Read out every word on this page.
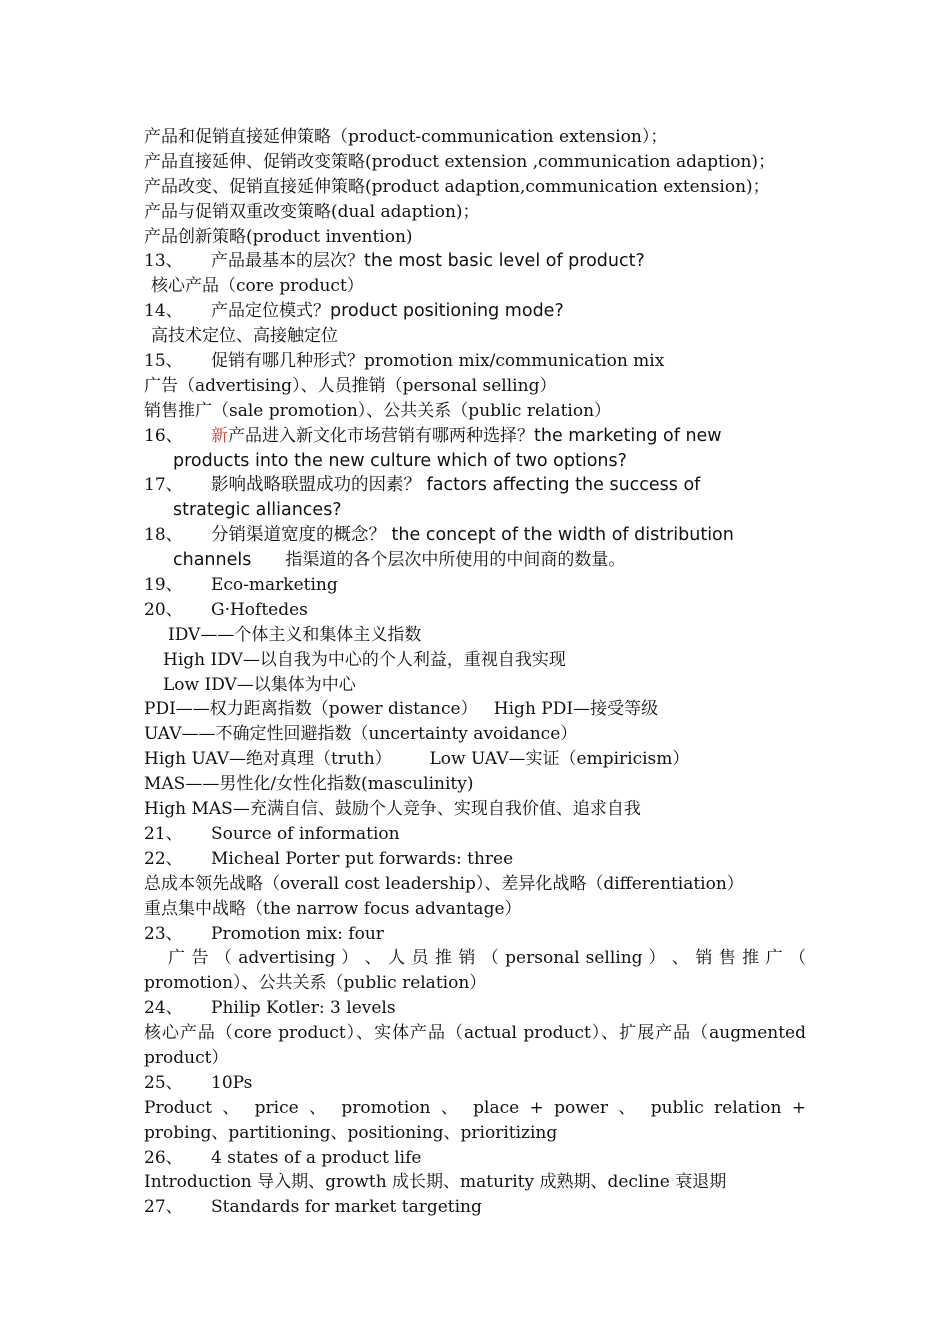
产品和促销直接延伸策略（product-communication extension）；
产品直接延伸、促销改变策略(product extension ,communication adaption)；
产品改变、促销直接延伸策略(product adaption,communication extension)；
产品与促销双重改变策略(dual adaption)；
产品创新策略(product invention)
13、 产品最基本的层次？the most basic level of product?
核心产品（core product）
14、 产品定位模式？product positioning mode?
高技术定位、高接触定位
15、 促销有哪几种形式？promotion mix/communication mix
广告（advertising）、人员推销（personal selling）
销售推广（sale promotion）、公共关系（public relation）
16、 新产品进入新文化市场营销有哪两种选择？the marketing of new
products into the new culture which of two options?
17、 影响战略联盟成功的因素？ factors affecting the success of
strategic alliances?
18、 分销渠道宽度的概念？ the concept of the width of distribution
channels 指渠道的各个层次中所使用的中间商的数量。
19、 Eco-marketing
20、 G·Hoftedes
IDV——个体主义和集体主义指数
High IDV—以自我为中心的个人利益，重视自我实现
Low IDV—以集体为中心
PDI——权力距离指数（power distance）   High PDI—接受等级
UAV——不确定性回避指数（uncertainty avoidance）
High UAV—绝对真理（truth）       Low UAV—实证（empiricism）
MAS——男性化/女性化指数(masculinity)
High MAS—充满自信、鼓励个人竞争、实现自我价值、追求自我
21、 Source of information
22、 Micheal Porter put forwards: three
总成本领先战略（overall cost leadership）、差异化战略（differentiation）
重点集中战略（the narrow focus advantage）
23、 Promotion mix: four
广 告 （ advertising ） 、 人 员 推 销 （ personal selling ） 、 销 售 推 广 （
promotion）、公共关系（public relation）
24、 Philip Kotler: 3 levels
核心产品（core product）、实体产品（actual product）、扩展产品（augmented
product）
25、 10Ps
Product 、 price 、 promotion 、 place + power 、 public relation +
probing、partitioning、positioning、prioritizing
26、 4 states of a product life
Introduction 导入期、growth 成长期、maturity 成熟期、decline 衰退期
27、 Standards for market targeting
